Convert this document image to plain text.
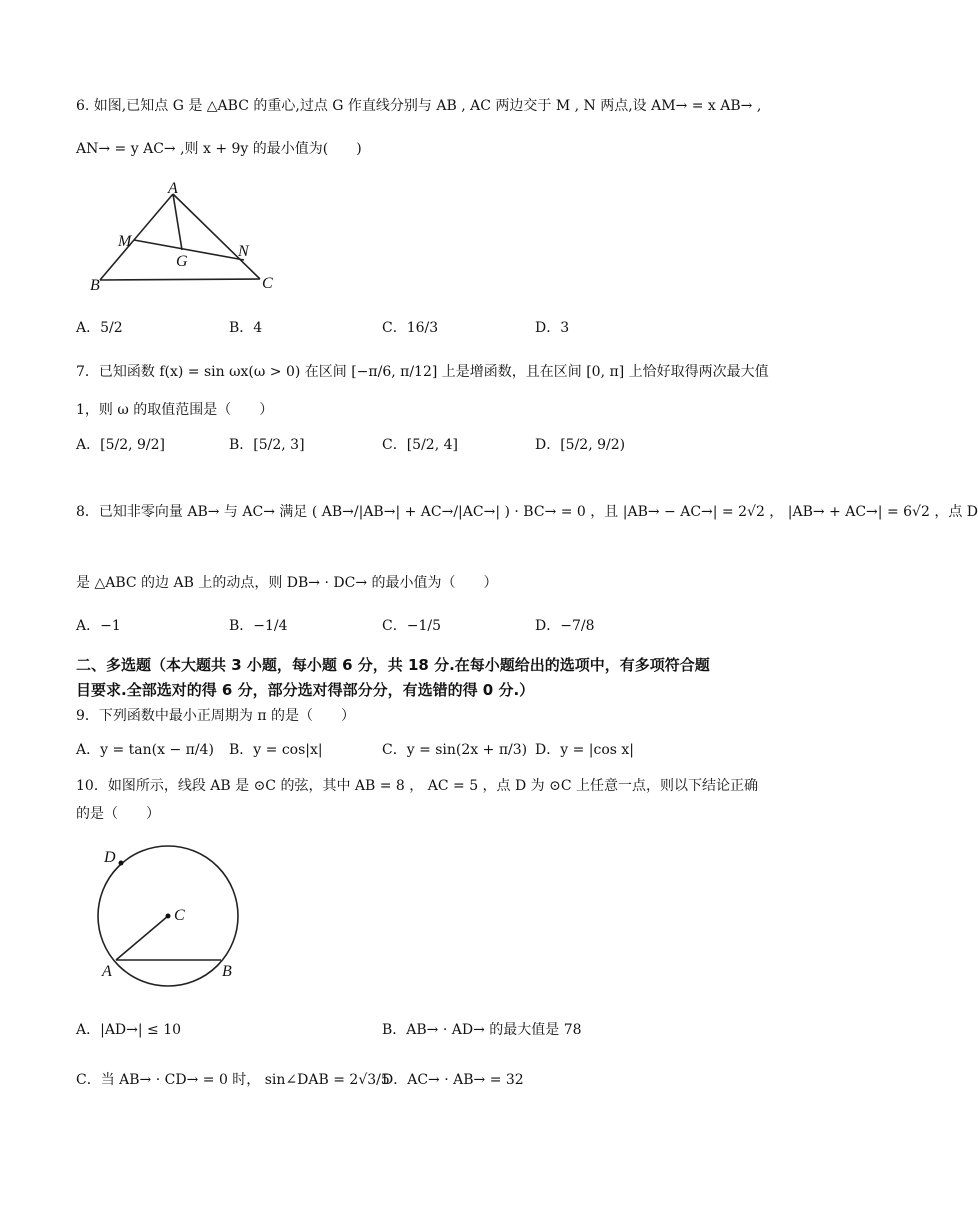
6. 如图,已知点 G 是 △ABC 的重心,过点 G 作直线分别与 AB , AC 两边交于 M , N 两点,设 AM→ = x AB→ ,
AN→ = y AC→ ,则 x + 9y 的最小值为(　　)
A
B	C
M
N
G
A．5/2	B．4	C．16/3	D．3
7．已知函数 f(x) = sin ωx(ω > 0) 在区间 [−π/6, π/12] 上是增函数，且在区间 [0, π] 上恰好取得两次最大值
1，则 ω 的取值范围是（　　）
A．[5/2, 9/2]	B．[5/2, 3]	C．[5/2, 4]	D．[5/2, 9/2)
8．已知非零向量 AB→ 与 AC→ 满足 ( AB→/|AB→| + AC→/|AC→| ) · BC→ = 0 ，且 |AB→ − AC→| = 2√2 ， |AB→ + AC→| = 6√2 ，点 D
是 △ABC 的边 AB 上的动点，则 DB→ · DC→ 的最小值为（　　）
A．−1	B．−1/4	C．−1/5	D．−7/8
二、多选题（本大题共 3 小题，每小题 6 分，共 18 分.在每小题给出的选项中，有多项符合题
目要求.全部选对的得 6 分，部分选对得部分分，有选错的得 0 分.）
9．下列函数中最小正周期为 π 的是（　　）
A．y = tan(x − π/4) B．y = cos|x|	C．y = sin(2x + π/3) D．y = |cos x|
10．如图所示，线段 AB 是 ⊙C 的弦，其中 AB = 8 ， AC = 5 ，点 D 为 ⊙C 上任意一点，则以下结论正确
的是（　　）
D
C
A	B
A．|AD→| ≤ 10	B．AB→ · AD→ 的最大值是 78
C．当 AB→ · CD→ = 0 时， sin∠DAB = 2√3/5
D．AC→ · AB→ = 32
